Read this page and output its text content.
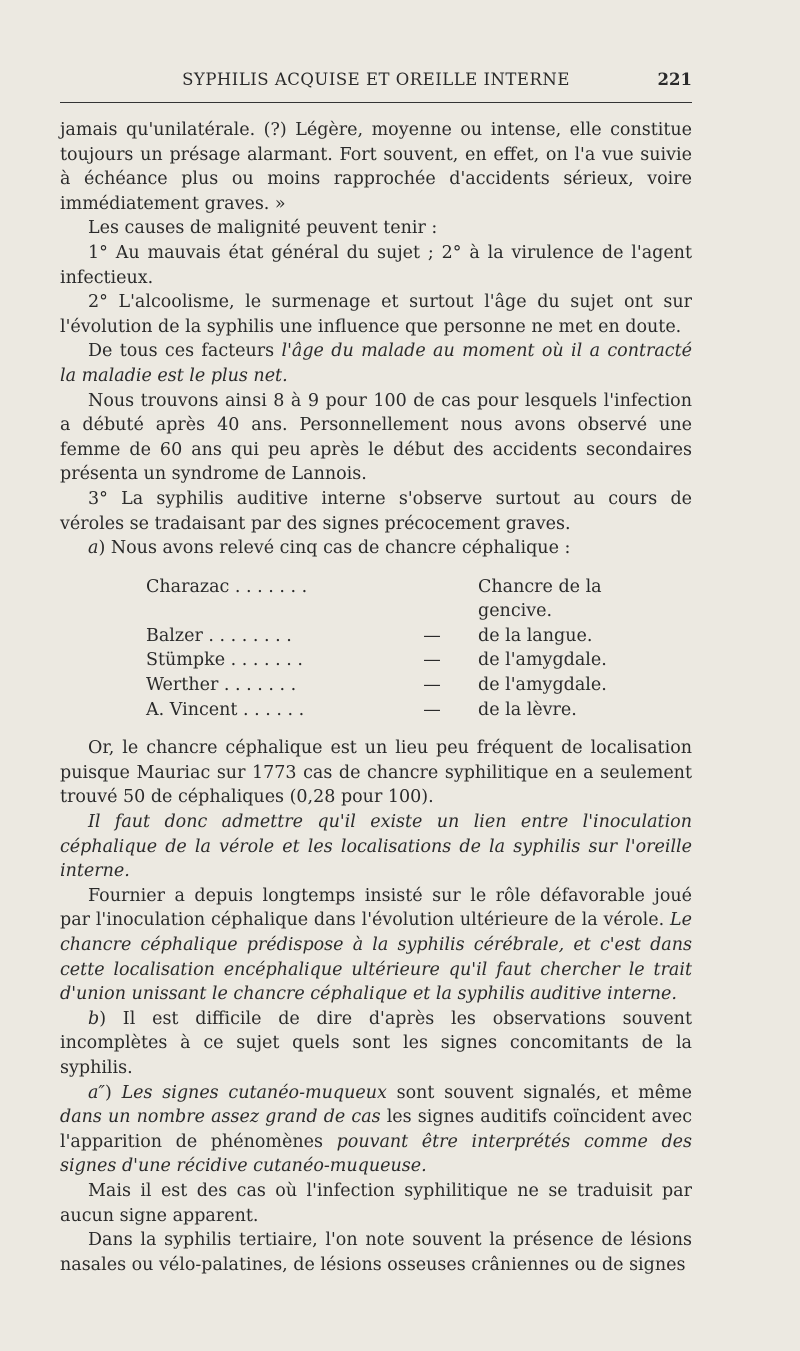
SYPHILIS ACQUISE ET OREILLE INTERNE	221

jamais qu'unilatérale. (?) Légère, moyenne ou intense, elle constitue toujours un présage alarmant. Fort souvent, en effet, on l'a vue suivie à échéance plus ou moins rapprochée d'accidents sérieux, voire immédiatement graves. »

Les causes de malignité peuvent tenir :

1° Au mauvais état général du sujet ; 2° à la virulence de l'agent infectieux.

2° L'alcoolisme, le surmenage et surtout l'âge du sujet ont sur l'évolution de la syphilis une influence que personne ne met en doute.

De tous ces facteurs l'âge du malade au moment où il a contracté la maladie est le plus net.

Nous trouvons ainsi 8 à 9 pour 100 de cas pour lesquels l'infection a débuté après 40 ans. Personnellement nous avons observé une femme de 60 ans qui peu après le début des accidents secondaires présenta un syndrome de Lannois.

3° La syphilis auditive interne s'observe surtout au cours de véroles se tradaisant par des signes précocement graves.

a) Nous avons relevé cinq cas de chancre céphalique :

Charazac . . . . . . .	Chancre de la gencive.
Balzer . . . . . . . .	—	de la langue.
Stümpke . . . . . . .	—	de l'amygdale.
Werther . . . . . . .	—	de l'amygdale.
A. Vincent . . . . . .	—	de la lèvre.

Or, le chancre céphalique est un lieu peu fréquent de localisation puisque Mauriac sur 1773 cas de chancre syphilitique en a seulement trouvé 50 de céphaliques (0,28 pour 100).

Il faut donc admettre qu'il existe un lien entre l'inoculation céphalique de la vérole et les localisations de la syphilis sur l'oreille interne.

Fournier a depuis longtemps insisté sur le rôle défavorable joué par l'inoculation céphalique dans l'évolution ultérieure de la vérole. Le chancre céphalique prédispose à la syphilis cérébrale, et c'est dans cette localisation encéphalique ultérieure qu'il faut chercher le trait d'union unissant le chancre céphalique et la syphilis auditive interne.

b) Il est difficile de dire d'après les observations souvent incomplètes à ce sujet quels sont les signes concomitants de la syphilis.

a″) Les signes cutanéo-muqueux sont souvent signalés, et même dans un nombre assez grand de cas les signes auditifs coïncident avec l'apparition de phénomènes pouvant être interprétés comme des signes d'une récidive cutanéo-muqueuse.

Mais il est des cas où l'infection syphilitique ne se traduisit par aucun signe apparent.

Dans la syphilis tertiaire, l'on note souvent la présence de lésions nasales ou vélo-palatines, de lésions osseuses crâniennes ou de signes
